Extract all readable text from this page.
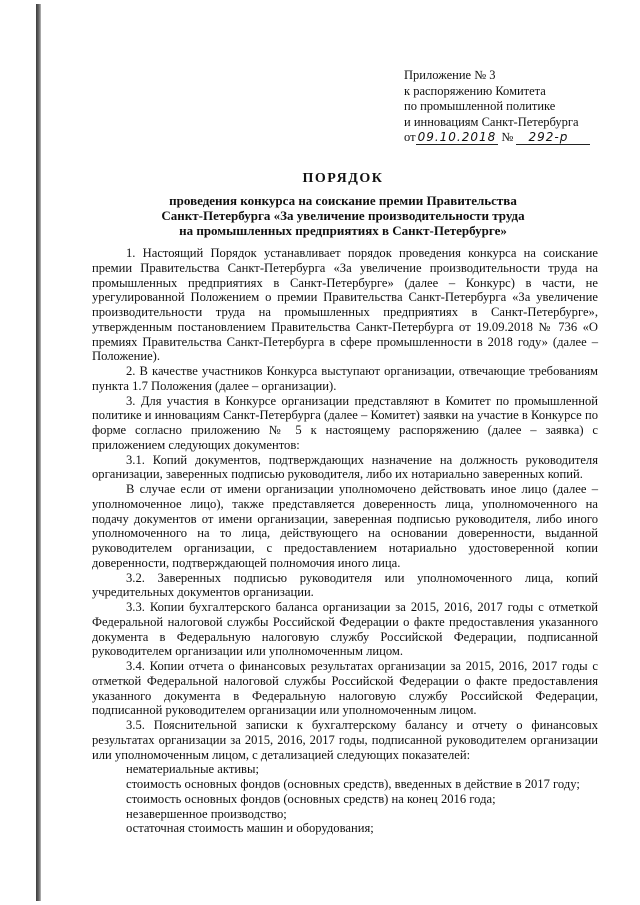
Приложение № 3
к распоряжению Комитета
по промышленной политике
и инновациям Санкт-Петербурга
от 09.10.2018 № 292-р
ПОРЯДОК
проведения конкурса на соискание премии Правительства
Санкт-Петербурга «За увеличение производительности труда
на промышленных предприятиях в Санкт-Петербурге»

1. Настоящий Порядок устанавливает порядок проведения конкурса на соискание премии Правительства Санкт-Петербурга «За увеличение производительности труда на промышленных предприятиях в Санкт-Петербурге» (далее – Конкурс) в части, не урегулированной Положением о премии Правительства Санкт-Петербурга «За увеличение производительности труда на промышленных предприятиях в Санкт-Петербурге», утвержденным постановлением Правительства Санкт-Петербурга от 19.09.2018 № 736 «О премиях Правительства Санкт-Петербурга в сфере промышленности в 2018 году» (далее – Положение).

2. В качестве участников Конкурса выступают организации, отвечающие требованиям пункта 1.7 Положения (далее – организации).

3. Для участия в Конкурсе организации представляют в Комитет по промышленной политике и инновациям Санкт-Петербурга (далее – Комитет) заявки на участие в Конкурсе по форме согласно приложению № 5 к настоящему распоряжению (далее – заявка) с приложением следующих документов:

3.1. Копий документов, подтверждающих назначение на должность руководителя организации, заверенных подписью руководителя, либо их нотариально заверенных копий.

В случае если от имени организации уполномочено действовать иное лицо (далее – уполномоченное лицо), также представляется доверенность лица, уполномоченного на подачу документов от имени организации, заверенная подписью руководителя, либо иного уполномоченного на то лица, действующего на основании доверенности, выданной руководителем организации, с предоставлением нотариально удостоверенной копии доверенности, подтверждающей полномочия иного лица.

3.2. Заверенных подписью руководителя или уполномоченного лица, копий учредительных документов организации.

3.3. Копии бухгалтерского баланса организации за 2015, 2016, 2017 годы с отметкой Федеральной налоговой службы Российской Федерации о факте предоставления указанного документа в Федеральную налоговую службу Российской Федерации, подписанной руководителем организации или уполномоченным лицом.

3.4. Копии отчета о финансовых результатах организации за 2015, 2016, 2017 годы с отметкой Федеральной налоговой службы Российской Федерации о факте предоставления указанного документа в Федеральную налоговую службу Российской Федерации, подписанной руководителем организации или уполномоченным лицом.

3.5. Пояснительной записки к бухгалтерскому балансу и отчету о финансовых результатах организации за 2015, 2016, 2017 годы, подписанной руководителем организации или уполномоченным лицом, с детализацией следующих показателей:

нематериальные активы;

стоимость основных фондов (основных средств), введенных в действие в 2017 году;

стоимость основных фондов (основных средств) на конец 2016 года;

незавершенное производство;

остаточная стоимость машин и оборудования;
